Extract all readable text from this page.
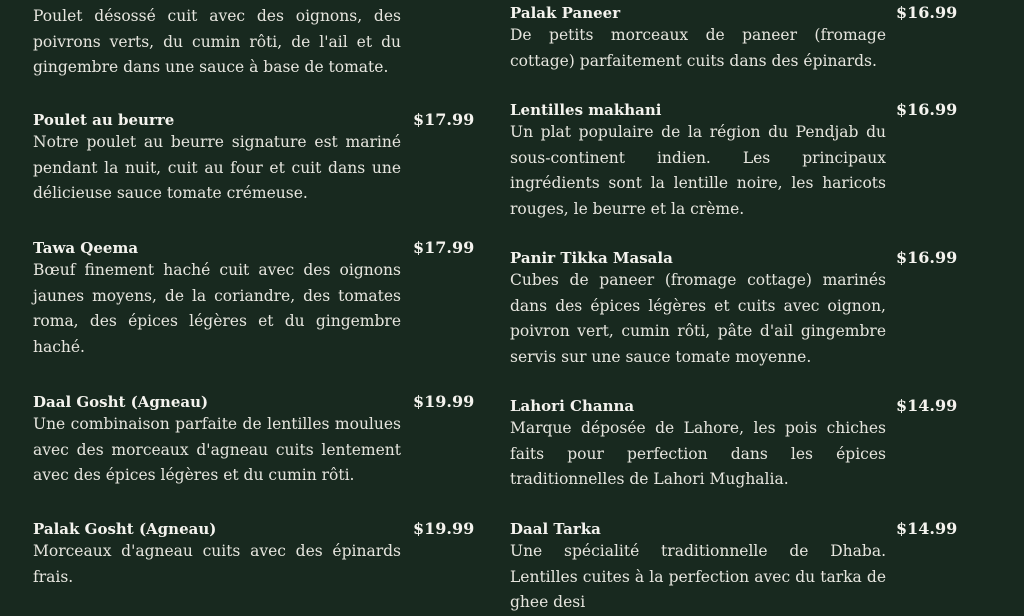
Poulet désossé cuit avec des oignons, des poivrons verts, du cumin rôti, de l'ail et du gingembre dans une sauce à base de tomate.

$17.99

Poulet au beurre

Notre poulet au beurre signature est mariné pendant la nuit, cuit au four et cuit dans une délicieuse sauce tomate crémeuse.

$17.99

Tawa Qeema

Bœuf finement haché cuit avec des oignons jaunes moyens, de la coriandre, des tomates roma, des épices légères et du gingembre haché.

$19.99

Daal Gosht (Agneau)

Une combinaison parfaite de lentilles moulues avec des morceaux d'agneau cuits lentement avec des épices légères et du cumin rôti.

$19.99

Palak Gosht (Agneau)

Morceaux d'agneau cuits avec des épinards frais.

$16.99

Palak Paneer

De petits morceaux de paneer (fromage cottage) parfaitement cuits dans des épinards.

$16.99

Lentilles makhani

Un plat populaire de la région du Pendjab du sous-continent indien. Les principaux ingrédients sont la lentille noire, les haricots rouges, le beurre et la crème.

$16.99

Panir Tikka Masala

Cubes de paneer (fromage cottage) marinés dans des épices légères et cuits avec oignon, poivron vert, cumin rôti, pâte d'ail gingembre servis sur une sauce tomate moyenne.

$14.99

Lahori Channa

Marque déposée de Lahore, les pois chiches faits pour perfection dans les épices traditionnelles de Lahori Mughalia.

$14.99

Daal Tarka

Une spécialité traditionnelle de Dhaba. Lentilles cuites à la perfection avec du tarka de ghee desi
